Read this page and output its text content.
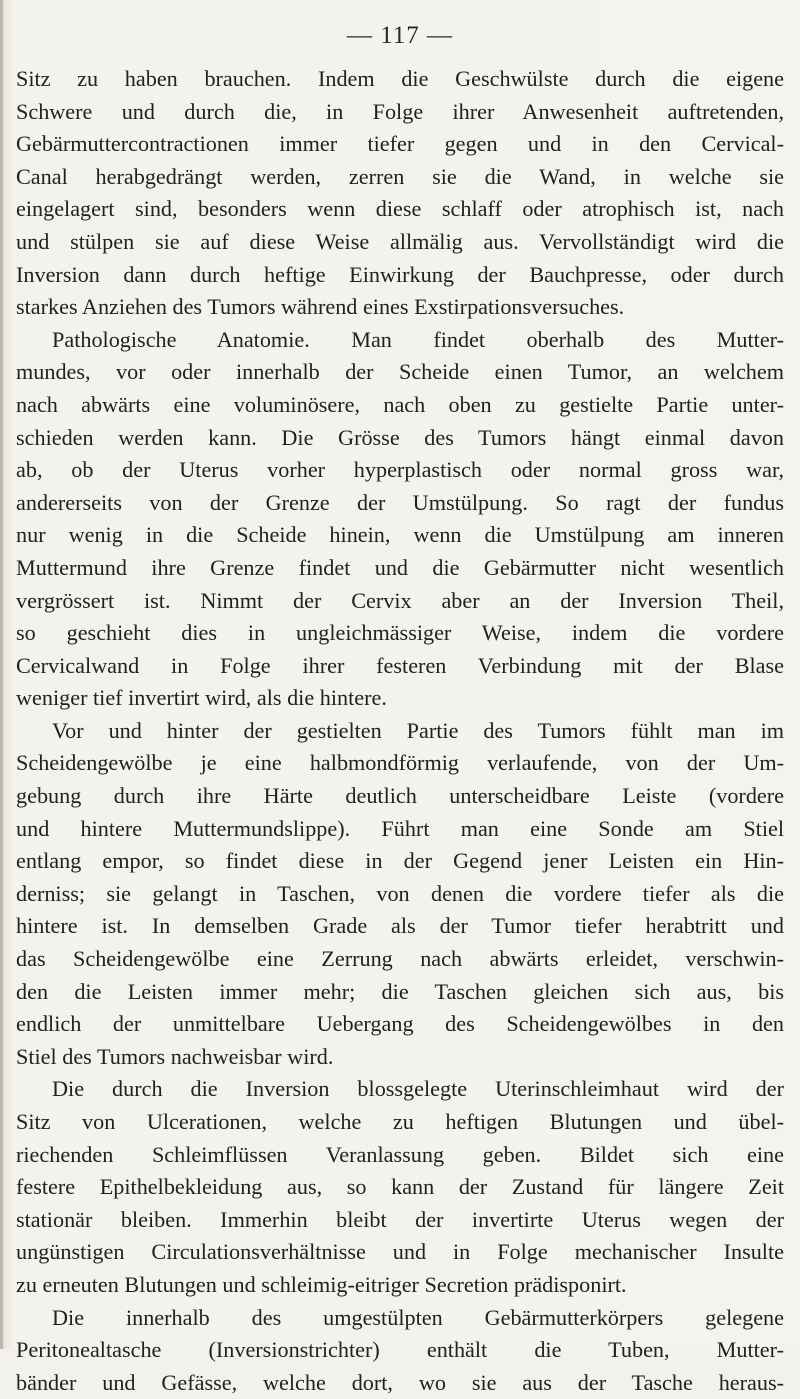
— 117 —
Sitz zu haben brauchen. Indem die Geschwülste durch die eigene
Schwere und durch die, in Folge ihrer Anwesenheit auftretenden,
Gebärmuttercontractionen immer tiefer gegen und in den Cervical-
Canal herabgedrängt werden, zerren sie die Wand, in welche sie
eingelagert sind, besonders wenn diese schlaff oder atrophisch ist, nach
und stülpen sie auf diese Weise allmälig aus. Vervollständigt wird die
Inversion dann durch heftige Einwirkung der Bauchpresse, oder durch
starkes Anziehen des Tumors während eines Exstirpationsversuches.
Pathologische Anatomie. Man findet oberhalb des Mutter-
mundes, vor oder innerhalb der Scheide einen Tumor, an welchem
nach abwärts eine voluminösere, nach oben zu gestielte Partie unter-
schieden werden kann. Die Grösse des Tumors hängt einmal davon
ab, ob der Uterus vorher hyperplastisch oder normal gross war,
andererseits von der Grenze der Umstülpung. So ragt der fundus
nur wenig in die Scheide hinein, wenn die Umstülpung am inneren
Muttermund ihre Grenze findet und die Gebärmutter nicht wesentlich
vergrössert ist. Nimmt der Cervix aber an der Inversion Theil,
so geschieht dies in ungleichmässiger Weise, indem die vordere
Cervicalwand in Folge ihrer festeren Verbindung mit der Blase
weniger tief invertirt wird, als die hintere.
Vor und hinter der gestielten Partie des Tumors fühlt man im
Scheidengewölbe je eine halbmondförmig verlaufende, von der Um-
gebung durch ihre Härte deutlich unterscheidbare Leiste (vordere
und hintere Muttermundslippe). Führt man eine Sonde am Stiel
entlang empor, so findet diese in der Gegend jener Leisten ein Hin-
derniss; sie gelangt in Taschen, von denen die vordere tiefer als die
hintere ist. In demselben Grade als der Tumor tiefer herabtritt und
das Scheidengewölbe eine Zerrung nach abwärts erleidet, verschwin-
den die Leisten immer mehr; die Taschen gleichen sich aus, bis
endlich der unmittelbare Uebergang des Scheidengewölbes in den
Stiel des Tumors nachweisbar wird.
Die durch die Inversion blossgelegte Uterinschleimhaut wird der
Sitz von Ulcerationen, welche zu heftigen Blutungen und übel-
riechenden Schleimflüssen Veranlassung geben. Bildet sich eine
festere Epithelbekleidung aus, so kann der Zustand für längere Zeit
stationär bleiben. Immerhin bleibt der invertirte Uterus wegen der
ungünstigen Circulationsverhältnisse und in Folge mechanischer Insulte
zu erneuten Blutungen und schleimig-eitriger Secretion prädisponirt.
Die innerhalb des umgestülpten Gebärmutterkörpers gelegene
Peritonealtasche (Inversionstrichter) enthält die Tuben, Mutter-
bänder und Gefässe, welche dort, wo sie aus der Tasche heraus-
